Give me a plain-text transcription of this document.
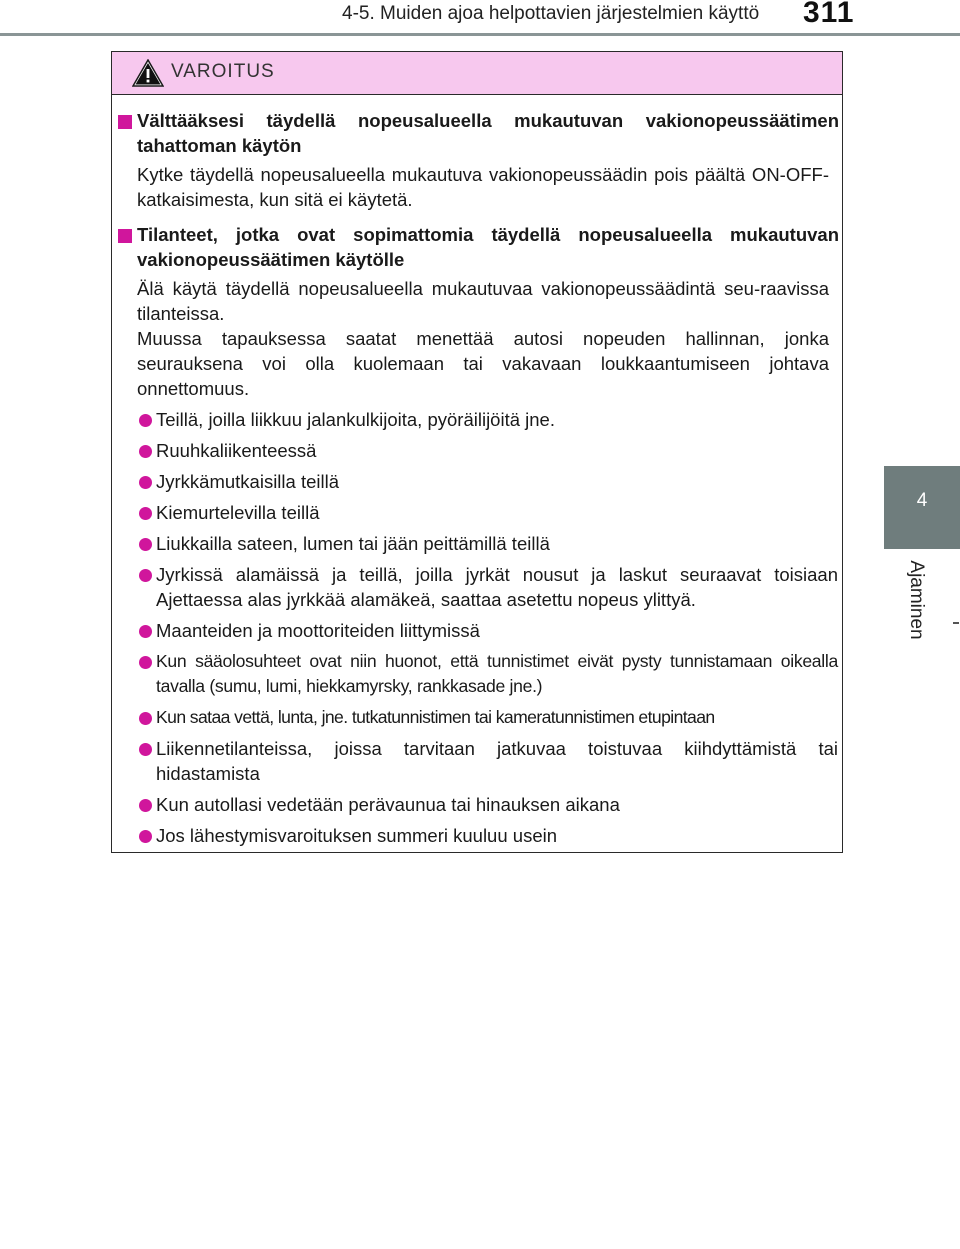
4-5. Muiden ajoa helpottavien järjestelmien käyttö 311
4
Ajaminen
VAROITUS

Välttääksesi täydellä nopeusalueella mukautuvan vakionopeussäätimen tahattoman käytön

Kytke täydellä nopeusalueella mukautuva vakionopeussäädin pois päältä ON-OFF-katkaisimesta, kun sitä ei käytetä.

Tilanteet, jotka ovat sopimattomia täydellä nopeusalueella mukautuvan vakionopeussäätimen käytölle

Älä käytä täydellä nopeusalueella mukautuvaa vakionopeussäädintä seu-raavissa tilanteissa.

Muussa tapauksessa saatat menettää autosi nopeuden hallinnan, jonka seurauksena voi olla kuolemaan tai vakavaan loukkaantumiseen johtava onnettomuus.

Teillä, joilla liikkuu jalankulkijoita, pyöräilijöitä jne.

Ruuhkaliikenteessä

Jyrkkämutkaisilla teillä

Kiemurtelevilla teillä

Liukkailla sateen, lumen tai jään peittämillä teillä

Jyrkissä alamäissä ja teillä, joilla jyrkät nousut ja laskut seuraavat toisiaan Ajettaessa alas jyrkkää alamäkeä, saattaa asetettu nopeus ylittyä.

Maanteiden ja moottoriteiden liittymissä

Kun sääolosuhteet ovat niin huonot, että tunnistimet eivät pysty tunnistamaan oikealla tavalla (sumu, lumi, hiekkamyrsky, rankkasade jne.)

Kun sataa vettä, lunta, jne. tutkatunnistimen tai kameratunnistimen etupintaan

Liikennetilanteissa, joissa tarvitaan jatkuvaa toistuvaa kiihdyttämistä tai hidastamista

Kun autollasi vedetään perävaunua tai hinauksen aikana

Jos lähestymisvaroituksen summeri kuuluu usein
